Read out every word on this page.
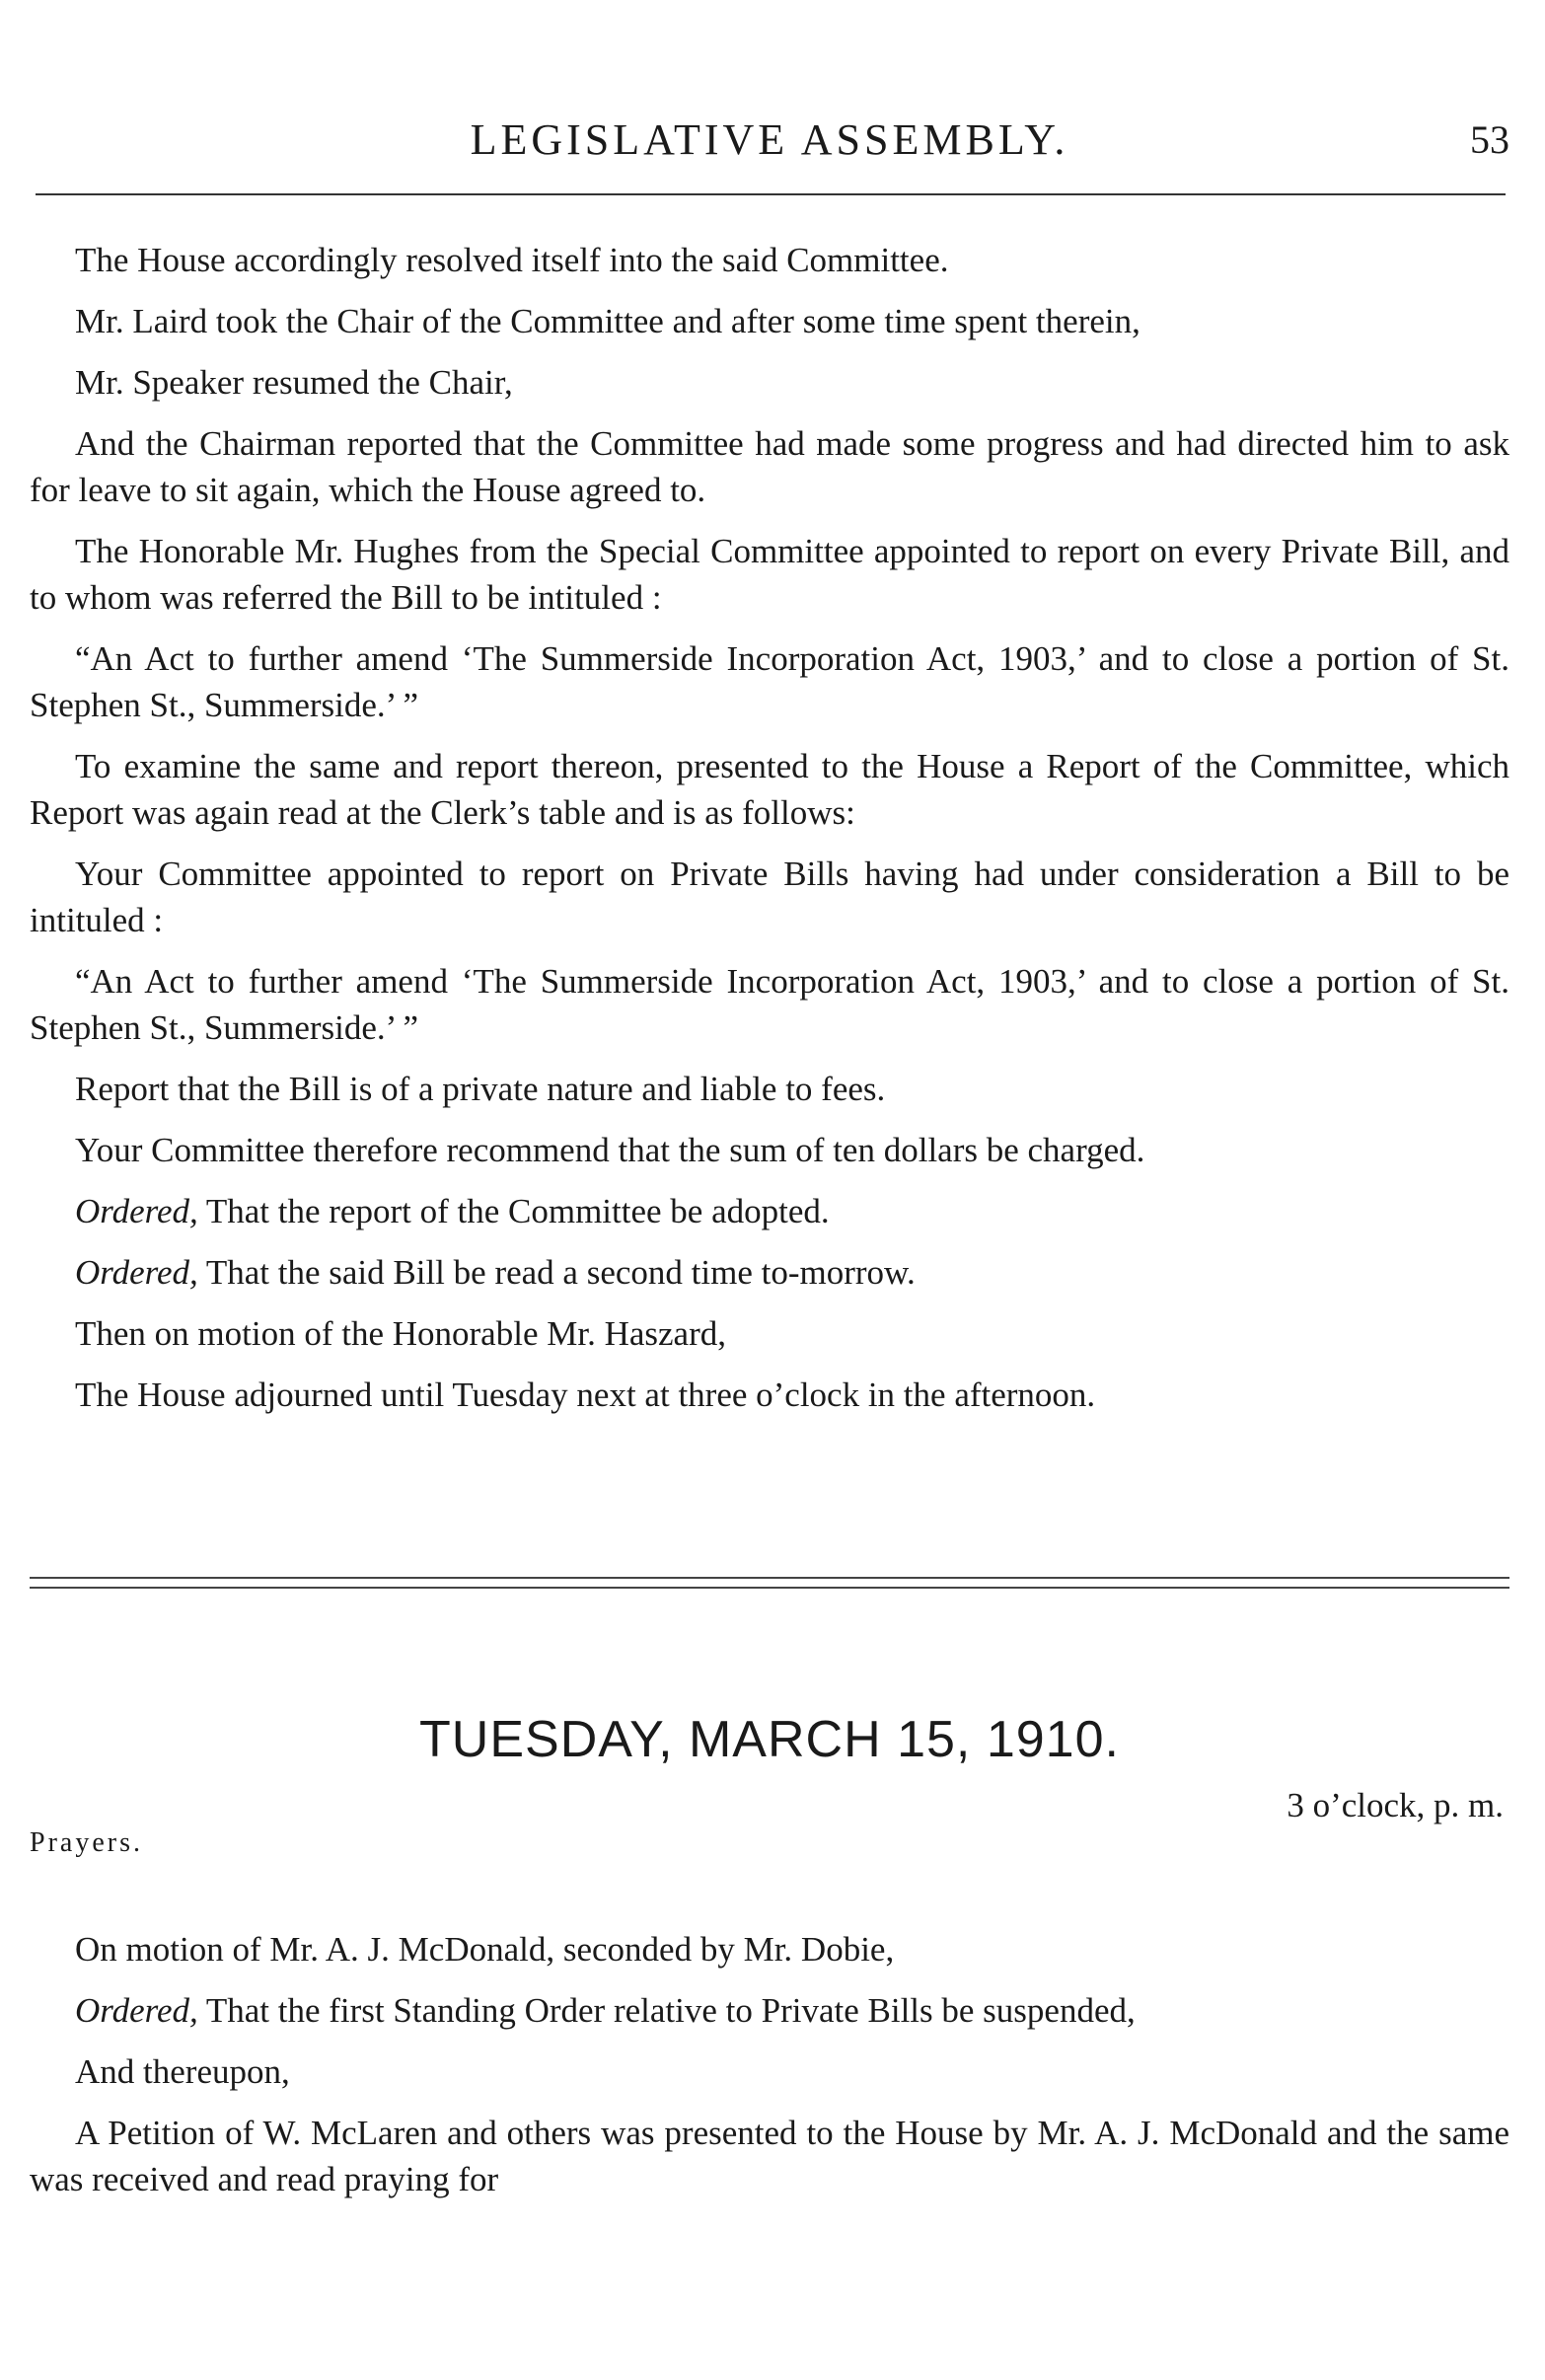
LEGISLATIVE ASSEMBLY.	53

The House accordingly resolved itself into the said Committee.

Mr. Laird took the Chair of the Committee and after some time spent therein,

Mr. Speaker resumed the Chair,

And the Chairman reported that the Committee had made some progress and had directed him to ask for leave to sit again, which the House agreed to.

The Honorable Mr. Hughes from the Special Committee appointed to report on every Private Bill, and to whom was referred the Bill to be intituled :

“An Act to further amend ‘The Summerside Incorporation Act, 1903,’ and to close a portion of St. Stephen St., Summerside.’ ”

To examine the same and report thereon, presented to the House a Report of the Committee, which Report was again read at the Clerk’s table and is as follows:

Your Committee appointed to report on Private Bills having had under consideration a Bill to be intituled :

“An Act to further amend ‘The Summerside Incorporation Act, 1903,’ and to close a portion of St. Stephen St., Summerside.’ ”

Report that the Bill is of a private nature and liable to fees.

Your Committee therefore recommend that the sum of ten dollars be charged.

Ordered, That the report of the Committee be adopted.

Ordered, That the said Bill be read a second time to-morrow.

Then on motion of the Honorable Mr. Haszard,

The House adjourned until Tuesday next at three o’clock in the afternoon.

TUESDAY, MARCH 15, 1910.
3 o’clock, p. m.
Prayers.

On motion of Mr. A. J. McDonald, seconded by Mr. Dobie,

Ordered, That the first Standing Order relative to Private Bills be suspended,

And thereupon,

A Petition of W. McLaren and others was presented to the House by Mr. A. J. McDonald and the same was received and read praying for
